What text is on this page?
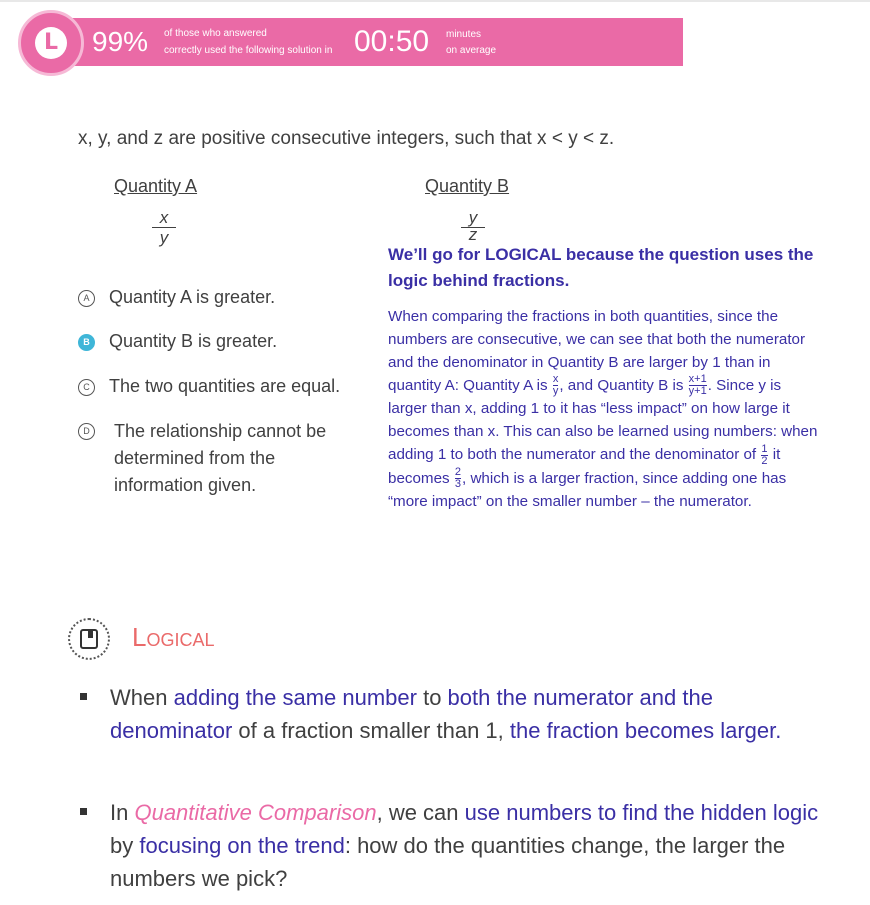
99% of those who answered
correctly used the following solution in 00:50 minutes
on average
L
x, y, and z are positive consecutive integers, such that x < y < z.
Quantity A	Quantity B
$\frac{x}{y}$	$\frac{y}{z}$
A Quantity A is greater.
B Quantity B is greater.
C The two quantities are equal.
D The relationship cannot be determined from the information given.
We’ll go for LOGICAL because the question uses the logic behind fractions.
When comparing the fractions in both quantities, since the numbers are consecutive, we can see that both the numerator and the denominator in Quantity B are larger by 1 than in quantity A: Quantity A is $\frac{x}{y}$ , and Quantity B is $\frac{x+1}{y+1}$ . Since y is larger than x, adding 1 to it has “less impact” on how large it becomes than x. This can also be learned using numbers: when adding 1 to both the numerator and the denominator of $\frac{1}{2}$ it becomes $\frac{2}{3}$ , which is a larger fraction, since adding one has “more impact” on the smaller number – the numerator.
Logical
When adding the same number to both the numerator and the denominator of a fraction smaller than 1, the fraction becomes larger.
In Quantitative Comparison, we can use numbers to find the hidden logic by focusing on the trend: how do the quantities change, the larger the numbers we pick?
